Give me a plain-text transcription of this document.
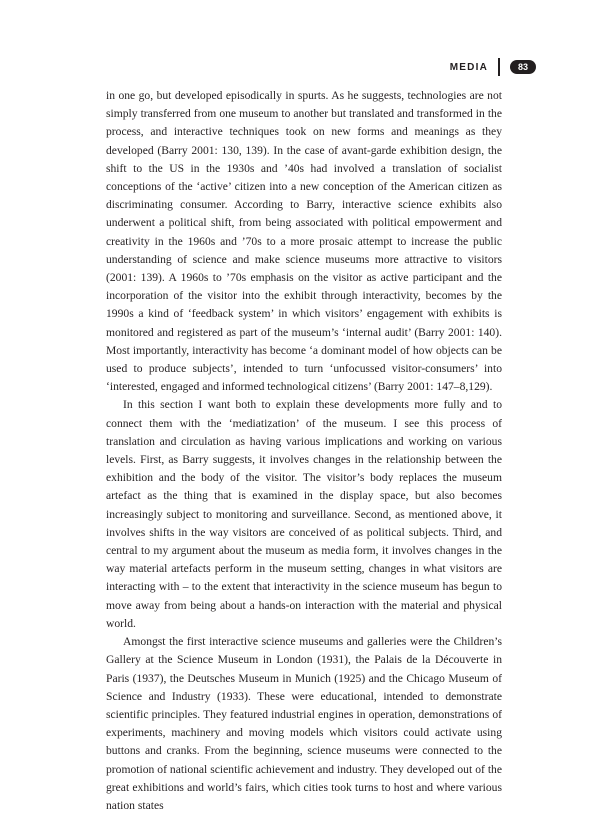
MEDIA	83

in one go, but developed episodically in spurts. As he suggests, technologies are not simply transferred from one museum to another but translated and transformed in the process, and interactive techniques took on new forms and meanings as they developed (Barry 2001: 130, 139). In the case of avant-garde exhibition design, the shift to the US in the 1930s and ’40s had involved a translation of socialist conceptions of the ‘active’ citizen into a new conception of the American citizen as discriminating consumer. According to Barry, interactive science exhibits also underwent a political shift, from being associated with political empowerment and creativity in the 1960s and ’70s to a more prosaic attempt to increase the public understanding of science and make science museums more attractive to visitors (2001: 139). A 1960s to ’70s emphasis on the visitor as active participant and the incorporation of the visitor into the exhibit through interactivity, becomes by the 1990s a kind of ‘feedback system’ in which visitors’ engagement with exhibits is monitored and registered as part of the museum’s ‘internal audit’ (Barry 2001: 140). Most importantly, interactivity has become ‘a dominant model of how objects can be used to produce subjects’, intended to turn ‘unfocussed visitor-consumers’ into ‘interested, engaged and informed technological citizens’ (Barry 2001: 147–8,129).

In this section I want both to explain these developments more fully and to connect them with the ‘mediatization’ of the museum. I see this process of translation and circulation as having various implications and working on various levels. First, as Barry suggests, it involves changes in the relationship between the exhibition and the body of the visitor. The visitor’s body replaces the museum artefact as the thing that is examined in the display space, but also becomes increasingly subject to monitoring and surveillance. Second, as mentioned above, it involves shifts in the way visitors are conceived of as political subjects. Third, and central to my argument about the museum as media form, it involves changes in the way material artefacts perform in the museum setting, changes in what visitors are interacting with – to the extent that interactivity in the science museum has begun to move away from being about a hands-on interaction with the material and physical world.

Amongst the first interactive science museums and galleries were the Children’s Gallery at the Science Museum in London (1931), the Palais de la Découverte in Paris (1937), the Deutsches Museum in Munich (1925) and the Chicago Museum of Science and Industry (1933). These were educational, intended to demonstrate scientific principles. They featured industrial engines in operation, demonstrations of experiments, machinery and moving models which visitors could activate using buttons and cranks. From the beginning, science museums were connected to the promotion of national scientific achievement and industry. They developed out of the great exhibitions and world’s fairs, which cities took turns to host and where various nation states
